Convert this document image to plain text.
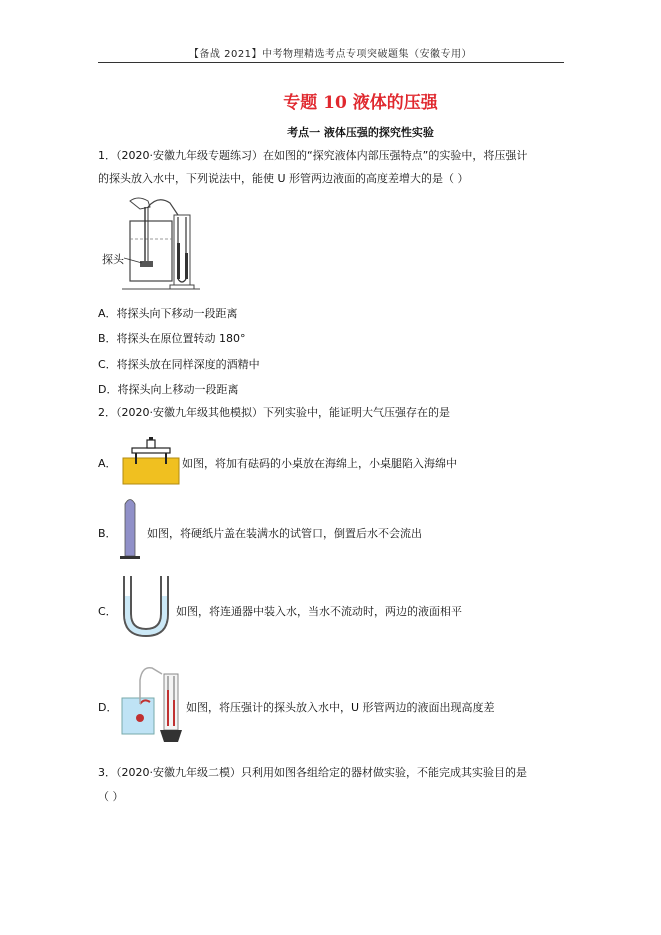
【备战 2021】中考物理精选考点专项突破题集（安徽专用）
专题 10 液体的压强
考点一 液体压强的探究性实验
1．（2020·安徽九年级专题练习）在如图的“探究液体内部压强特点”的实验中，将压强计
的探头放入水中，下列说法中，能使 U 形管两边液面的高度差增大的是（ ）
探头
A．将探头向下移动一段距离
B．将探头在原位置转动 180°
C．将探头放在同样深度的酒精中
D．将探头向上移动一段距离
2．（2020·安徽九年级其他模拟）下列实验中，能证明大气压强存在的是
A．	如图，将加有砝码的小桌放在海绵上，小桌腿陷入海绵中
B．	如图，将硬纸片盖在装满水的试管口，倒置后水不会流出
C．	如图，将连通器中装入水，当水不流动时，两边的液面相平
D．	如图，将压强计的探头放入水中，U 形管两边的液面出现高度差
3．（2020·安徽九年级二模）只利用如图各组给定的器材做实验，不能完成其实验目的是
（ ）
